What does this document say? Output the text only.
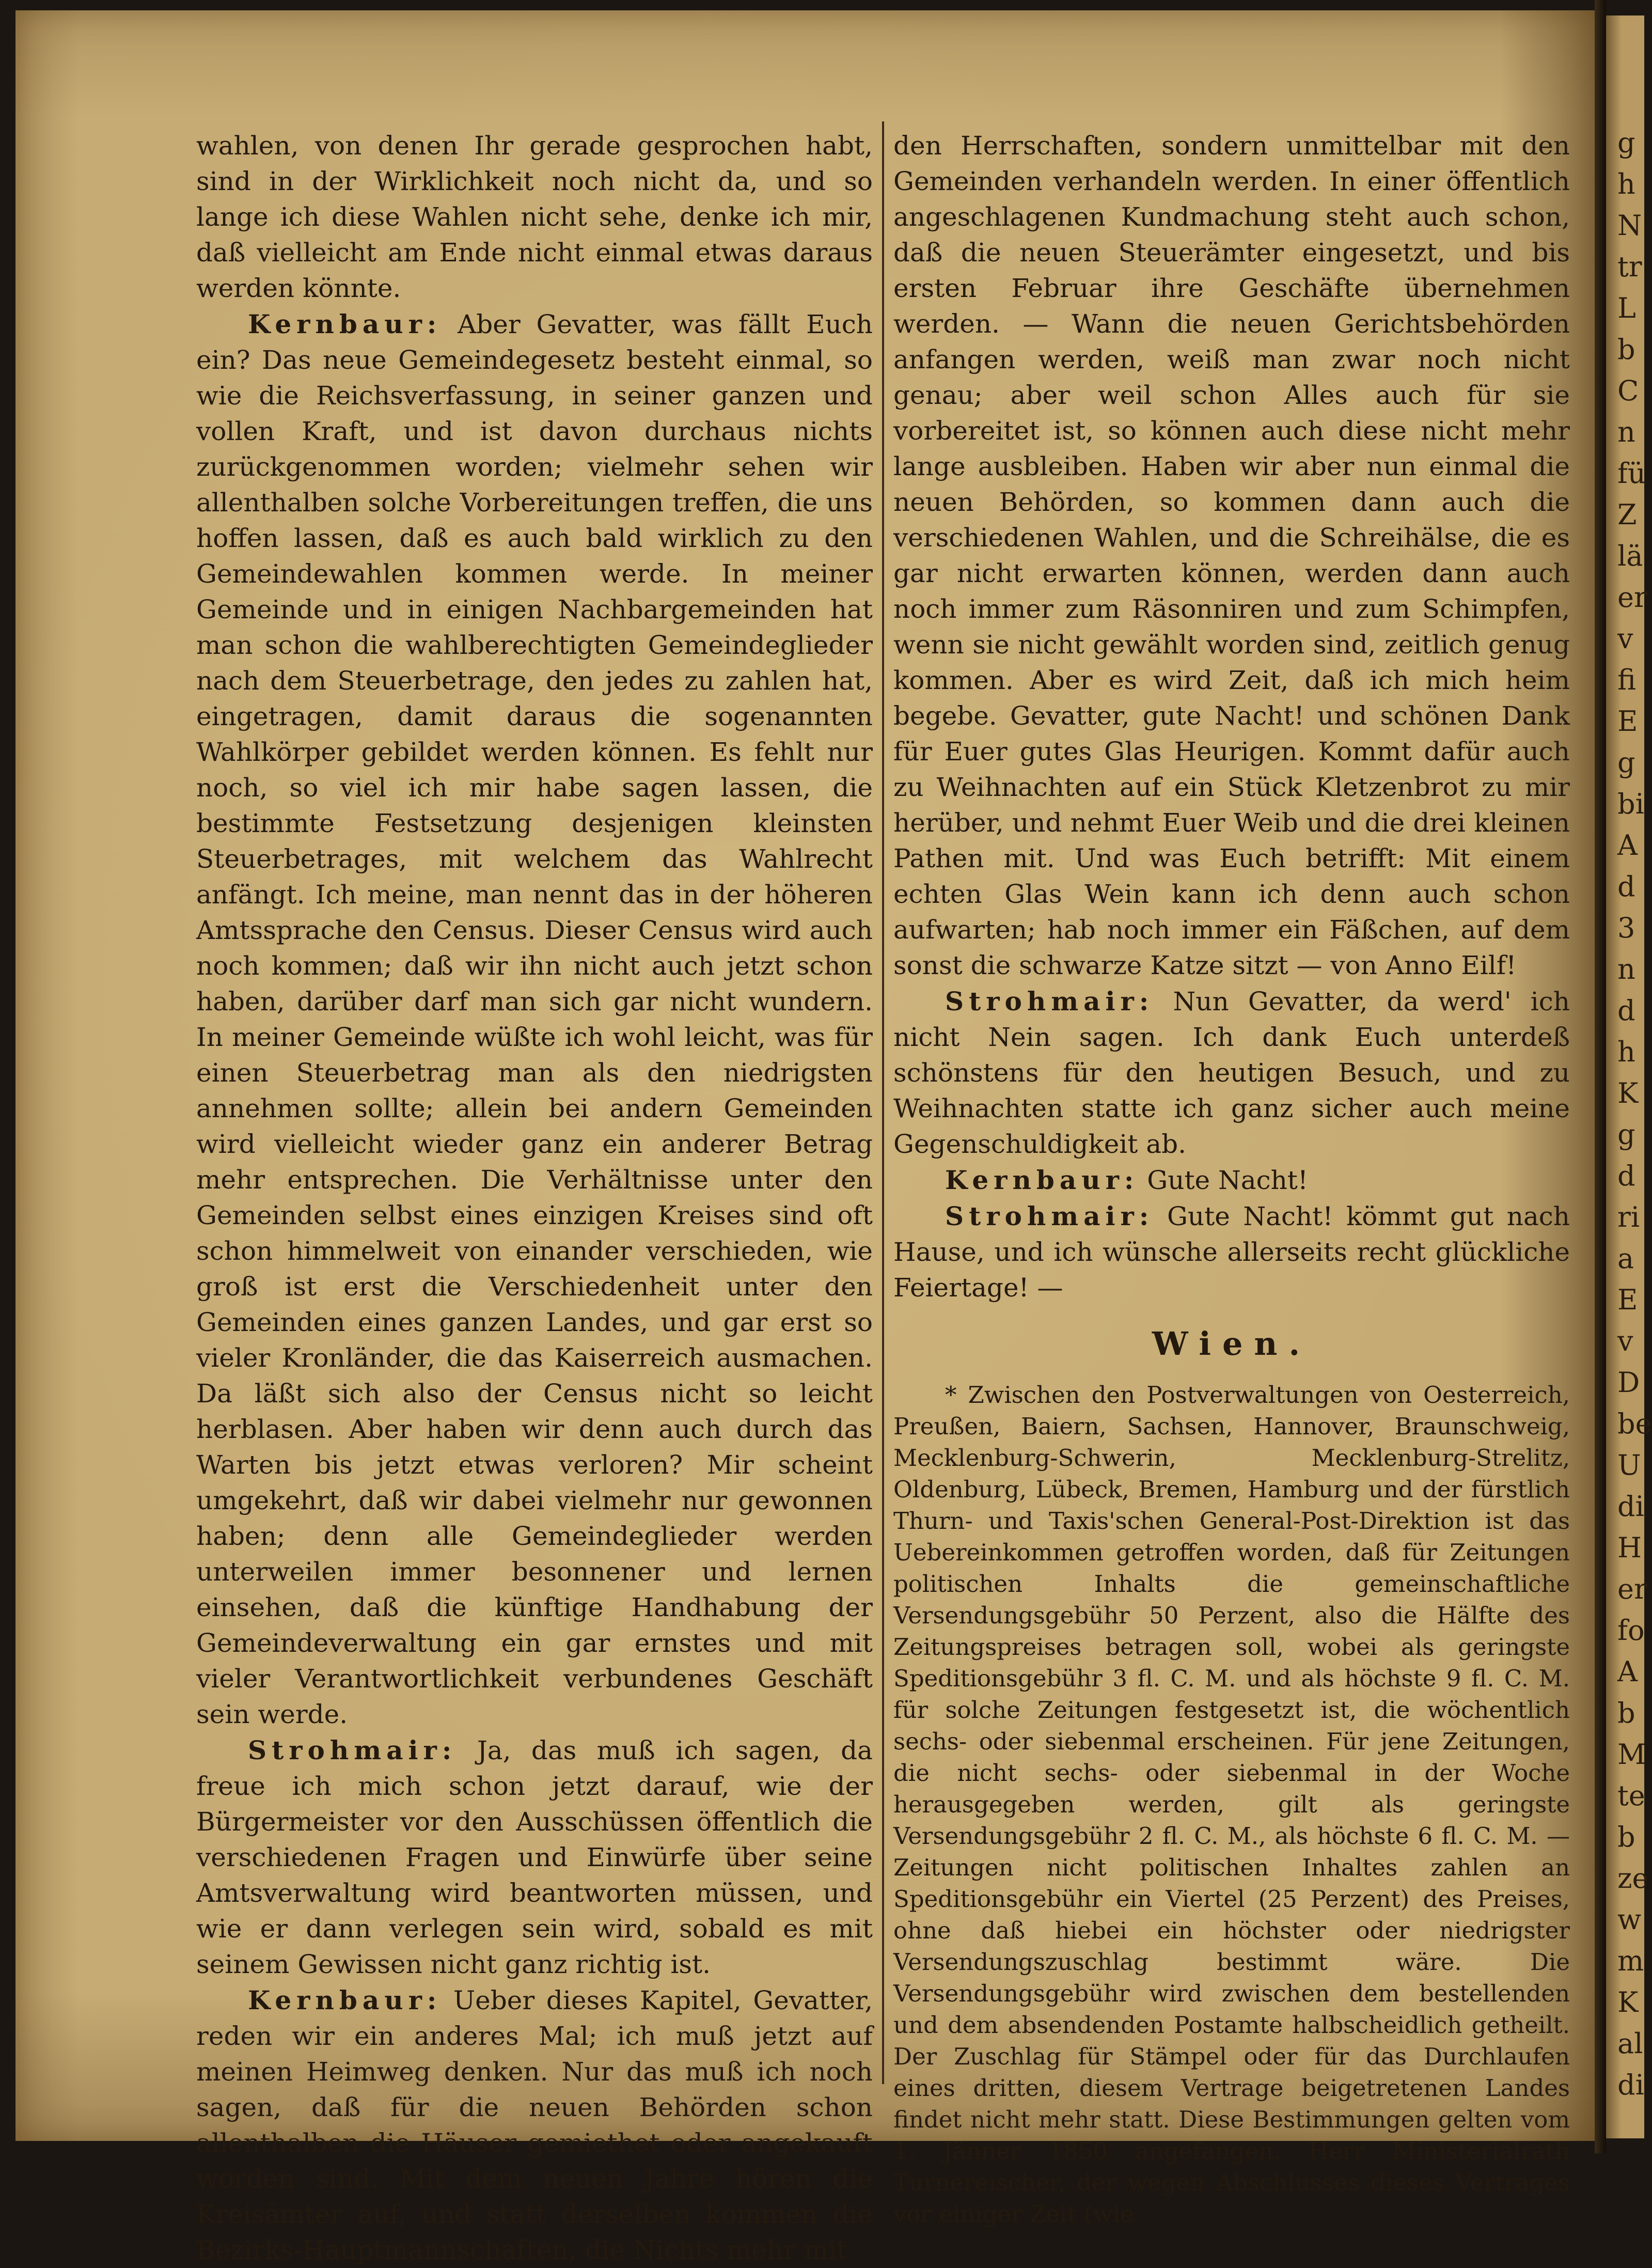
wahlen, von denen Ihr gerade gesprochen habt, sind in der Wirklichkeit noch nicht da, und so lange ich diese Wahlen nicht sehe, denke ich mir, daß vielleicht am Ende nicht einmal etwas daraus werden könnte.

Kernbaur: Aber Gevatter, was fällt Euch ein? Das neue Gemeindegesetz besteht einmal, so wie die Reichsverfassung, in seiner ganzen und vollen Kraft, und ist davon durchaus nichts zurückgenommen worden; vielmehr sehen wir allenthalben solche Vorbereitungen treffen, die uns hoffen lassen, daß es auch bald wirklich zu den Gemeindewahlen kommen werde. In meiner Gemeinde und in einigen Nachbargemeinden hat man schon die wahlberechtigten Gemeindeglieder nach dem Steuerbetrage, den jedes zu zahlen hat, eingetragen, damit daraus die sogenannten Wahlkörper gebildet werden können. Es fehlt nur noch, so viel ich mir habe sagen lassen, die bestimmte Festsetzung desjenigen kleinsten Steuerbetrages, mit welchem das Wahlrecht anfängt. Ich meine, man nennt das in der höheren Amtssprache den Census. Dieser Census wird auch noch kommen; daß wir ihn nicht auch jetzt schon haben, darüber darf man sich gar nicht wundern. In meiner Gemeinde wüßte ich wohl leicht, was für einen Steuerbetrag man als den niedrigsten annehmen sollte; allein bei andern Gemeinden wird vielleicht wieder ganz ein anderer Betrag mehr entsprechen. Die Verhältnisse unter den Gemeinden selbst eines einzigen Kreises sind oft schon himmelweit von einander verschieden, wie groß ist erst die Verschiedenheit unter den Gemeinden eines ganzen Landes, und gar erst so vieler Kronländer, die das Kaiserreich ausmachen. Da läßt sich also der Census nicht so leicht herblasen. Aber haben wir denn auch durch das Warten bis jetzt etwas verloren? Mir scheint umgekehrt, daß wir dabei vielmehr nur gewonnen haben; denn alle Gemeindeglieder werden unterweilen immer besonnener und lernen einsehen, daß die künftige Handhabung der Gemeindeverwaltung ein gar ernstes und mit vieler Verantwortlichkeit verbundenes Geschäft sein werde.

Strohmair: Ja, das muß ich sagen, da freue ich mich schon jetzt darauf, wie der Bürgermeister vor den Ausschüssen öffentlich die verschiedenen Fragen und Einwürfe über seine Amtsverwaltung wird beantworten müssen, und wie er dann verlegen sein wird, sobald es mit seinem Gewissen nicht ganz richtig ist.

Kernbaur: Ueber dieses Kapitel, Gevatter, reden wir ein anderes Mal; ich muß jetzt auf meinen Heimweg denken. Nur das muß ich noch sagen, daß für die neuen Behörden schon allenthalben die Häuser gemiethet oder angekauft worden sind. Mit dem neuen Jahre hören die Kreisämter auf, und statt derselben kommen die Bezirks-Hauptmannschaften, die Nichts mehr mit

den Herrschaften, sondern unmittelbar mit den Gemeinden verhandeln werden. In einer öffentlich angeschlagenen Kundmachung steht auch schon, daß die neuen Steuerämter eingesetzt, und bis ersten Februar ihre Geschäfte übernehmen werden. — Wann die neuen Gerichtsbehörden anfangen werden, weiß man zwar noch nicht genau; aber weil schon Alles auch für sie vorbereitet ist, so können auch diese nicht mehr lange ausbleiben. Haben wir aber nun einmal die neuen Behörden, so kommen dann auch die verschiedenen Wahlen, und die Schreihälse, die es gar nicht erwarten können, werden dann auch noch immer zum Räsonniren und zum Schimpfen, wenn sie nicht gewählt worden sind, zeitlich genug kommen. Aber es wird Zeit, daß ich mich heim begebe. Gevatter, gute Nacht! und schönen Dank für Euer gutes Glas Heurigen. Kommt dafür auch zu Weihnachten auf ein Stück Kletzenbrot zu mir herüber, und nehmt Euer Weib und die drei kleinen Pathen mit. Und was Euch betrifft: Mit einem echten Glas Wein kann ich denn auch schon aufwarten; hab noch immer ein Fäßchen, auf dem sonst die schwarze Katze sitzt — von Anno Eilf!

Strohmair: Nun Gevatter, da werd' ich nicht Nein sagen. Ich dank Euch unterdeß schönstens für den heutigen Besuch, und zu Weihnachten statte ich ganz sicher auch meine Gegenschuldigkeit ab.

Kernbaur: Gute Nacht!

Strohmair: Gute Nacht! kömmt gut nach Hause, und ich wünsche allerseits recht glückliche Feiertage! —

Wien.

* Zwischen den Postverwaltungen von Oesterreich, Preußen, Baiern, Sachsen, Hannover, Braunschweig, Mecklenburg-Schwerin, Mecklenburg-Strelitz, Oldenburg, Lübeck, Bremen, Hamburg und der fürstlich Thurn- und Taxis'schen General-Post-Direktion ist das Uebereinkommen getroffen worden, daß für Zeitungen politischen Inhalts die gemeinschaftliche Versendungsgebühr 50 Perzent, also die Hälfte des Zeitungspreises betragen soll, wobei als geringste Speditionsgebühr 3 fl. C. M. und als höchste 9 fl. C. M. für solche Zeitungen festgesetzt ist, die wöchentlich sechs- oder siebenmal erscheinen. Für jene Zeitungen, die nicht sechs- oder siebenmal in der Woche herausgegeben werden, gilt als geringste Versendungsgebühr 2 fl. C. M., als höchste 6 fl. C. M. — Zeitungen nicht politischen Inhaltes zahlen an Speditionsgebühr ein Viertel (25 Perzent) des Preises, ohne daß hiebei ein höchster oder niedrigster Versendungszuschlag bestimmt wäre. Die Versendungsgebühr wird zwischen dem bestellenden und dem absendenden Postamte halbscheidlich getheilt. Der Zuschlag für Stämpel oder für das Durchlaufen eines dritten, diesem Vertrage beigetretenen Landes findet nicht mehr statt. Diese Bestimmungen gelten vom 1. Jänner 1850 angefangen. Herr Ministerialrath Turnereischer, der wegen Abschlusses dieses Vertrages vor einiger Zeit (wie

g
h
N
tr
L
b
C
n
fü
Z
lä
er
v
fi
E
g
bi
A
d
3
n
d
h
K
g
d
ri
a
E
v
D
be
U
di
H
er
fo
A
b
M
te
b
ze
w
m
K
al
di
